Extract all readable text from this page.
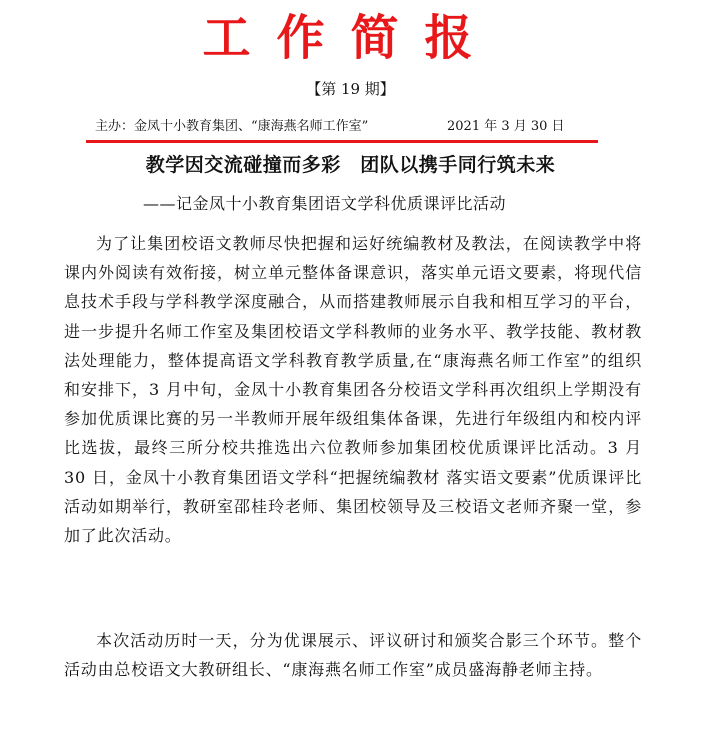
工作简报
【第 19 期】
主办：金凤十小教育集团、“康海燕名师工作室”	2021 年 3 月 30 日
教学因交流碰撞而多彩　团队以携手同行筑未来
——记金凤十小教育集团语文学科优质课评比活动
为了让集团校语文教师尽快把握和运好统编教材及教法，在阅读教学中将课内外阅读有效衔接，树立单元整体备课意识，落实单元语文要素，将现代信息技术手段与学科教学深度融合，从而搭建教师展示自我和相互学习的平台，进一步提升名师工作室及集团校语文学科教师的业务水平、教学技能、教材教法处理能力，整体提高语文学科教育教学质量,在“康海燕名师工作室”的组织和安排下，3 月中旬，金凤十小教育集团各分校语文学科再次组织上学期没有参加优质课比赛的另一半教师开展年级组集体备课，先进行年级组内和校内评比选拔，最终三所分校共推选出六位教师参加集团校优质课评比活动。3 月 30 日，金凤十小教育集团语文学科“把握统编教材 落实语文要素”优质课评比活动如期举行，教研室邵桂玲老师、集团校领导及三校语文老师齐聚一堂，参加了此次活动。
本次活动历时一天，分为优课展示、评议研讨和颁奖合影三个环节。整个活动由总校语文大教研组长、“康海燕名师工作室”成员盛海静老师主持。
